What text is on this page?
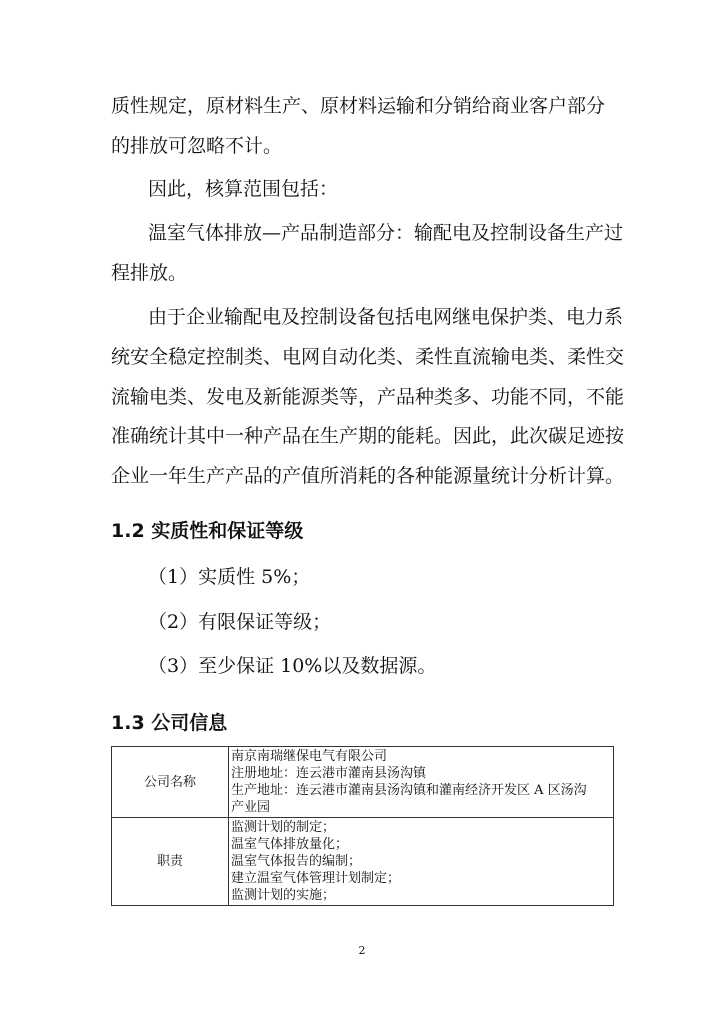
质性规定，原材料生产、原材料运输和分销给商业客户部分
的排放可忽略不计。
因此，核算范围包括：
温室气体排放—产品制造部分：输配电及控制设备生产过
程排放。
由于企业输配电及控制设备包括电网继电保护类、电力系
统安全稳定控制类、电网自动化类、柔性直流输电类、柔性交
流输电类、发电及新能源类等，产品种类多、功能不同，不能
准确统计其中一种产品在生产期的能耗。因此，此次碳足迹按
企业一年生产产品的产值所消耗的各种能源量统计分析计算。
1.2 实质性和保证等级
（1）实质性 5%；
（2）有限保证等级；
（3）至少保证 10%以及数据源。
1.3 公司信息
公司名称	南京南瑞继保电气有限公司
注册地址：连云港市灌南县汤沟镇
生产地址：连云港市灌南县汤沟镇和灌南经济开发区 A 区汤沟
产业园

职责	监测计划的制定；
温室气体排放量化；
温室气体报告的编制；
建立温室气体管理计划制定；
监测计划的实施；
2
